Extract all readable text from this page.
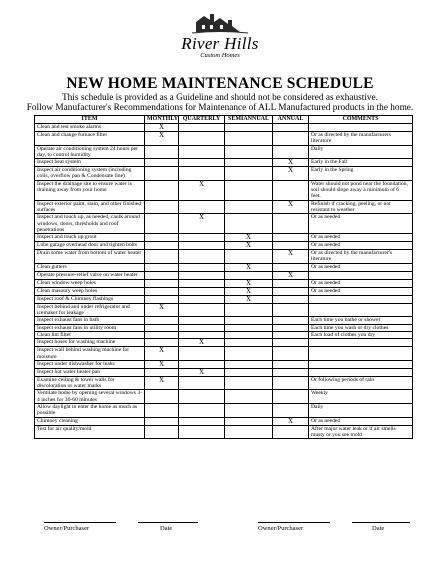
River Hills
Custom Homes
NEW HOME MAINTENANCE SCHEDULE
This schedule is provided as a Guideline and should not be considered as exhaustive.
Follow Manufacturer's Recommendations for Maintenance of ALL Manufactured products in the home.
ITEM	MONTHLY	QUARTERLY	SEMIANNUAL	ANNUAL	COMMENTS
Clean and test smoke alarms	X				
Clean and change furnace filter	X				Or as directed by the manufacturers literature
Operate air conditioning system 24 hours per day, to control humidity					Daily
Inspect heat system				X	Early in the Fall
Inspect air conditioning system (including coils, overflow pan & Condensate line)				X	Early in the Spring
Inspect the drainage site to ensure water is draining away from your home		X			Water should not pond near the foundation, soil should slope away a minimum of 6 feet.
Inspect exterior paint, stain, and other finished surfaces				X	Refinish if cracking, peeling, or not resistant to weather
Inspect and touch up, as needed, caulk around windows, doors, thresholds and roof penetrations		X			Or as needed
Inspect and touch up grout			X		Or as needed
Lube garage overhead door and tighten bolts			X		Or as needed
Drain some water from bottom of water heater				X	Or as directed by the manufacturer's literature
Clean gutters			X		Or as needed
Operate pressure-relief valve on water heater				X	
Clean window weep holes			X		Or as needed
Clean masonry weep holes			X		Or as needed
Inspect roof & Chimney flashings			X		
Inspect behind and under refrigerator and icemaker for leakage	X				
Inspect exhaust fans in bath					Each time you bathe or shower
Inspect exhaust fans in utility room					Each time you wash or dry clothes
Clean lint filter					Each load of clothes you dry
Inspect hoses for washing machine		X			
Inspect wall behind washing machine for moisture	X				
Inspect under dishwasher for leaks	X				
Inspect hot water heater pan		X			
Examine ceiling & tower walls for discoloration or water marks	X				Or following periods of rain
Ventilate home by opening several windows 3-4 inches for 30-60 minutes					Weekly
Allow daylight to enter the home as much as possible					Daily
Chimney cleaning				X	Or as needed
Test for air quality/mold					After major water leak or if air smells musty or you see mold
Owner/Purchaser	Date	Owner/Purchaser	Date
